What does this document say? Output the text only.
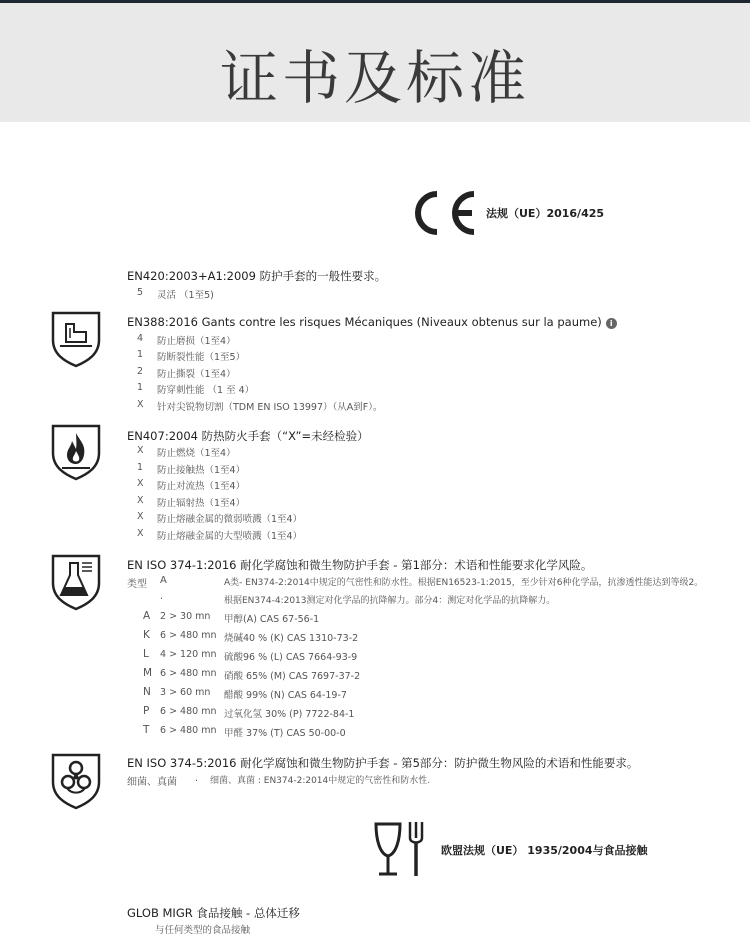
证书及标准
法规（UE）2016/425
EN420:2003+A1:2009 防护手套的一般性要求。
5 灵活 （1至5)
EN388:2016 Gants contre les risques Mécaniques (Niveaux obtenus sur la paume) i
4 防止磨损（1至4）
1 防断裂性能（1至5）
2 防止撕裂（1至4）
1 防穿刺性能 （1 至 4）
X 针对尖锐物切割（TDM EN ISO 13997）（从A到F）。
EN407:2004 防热防火手套（“X”=未经检验）
X 防止燃烧（1至4）
1 防止接触热（1至4）
X 防止对流热（1至4）
X 防止辐射热（1至4）
X 防止熔融金属的微弱喷溅（1至4）
X 防止熔融金属的大型喷溅（1至4）
EN ISO 374-1:2016 耐化学腐蚀和微生物防护手套 - 第1部分：术语和性能要求化学风险。
类型 A
.
A类- EN374-2:2014中规定的气密性和防水性。根据EN16523-1:2015，至少针对6种化学品，抗渗透性能达到等级2。
根据EN374-4:2013测定对化学品的抗降解力。部分4：测定对化学品的抗降解力。
A 2 > 30 mn 甲醇(A) CAS 67-56-1
K 6 > 480 mn 烧碱40 % (K) CAS 1310-73-2
L 4 > 120 mn 硫酸96 % (L) CAS 7664-93-9
M 6 > 480 mn 硝酸 65% (M) CAS 7697-37-2
N 3 > 60 mn 醋酸 99% (N) CAS 64-19-7
P 6 > 480 mn 过氧化氢 30% (P) 7722-84-1
T 6 > 480 mn 甲醛 37% (T) CAS 50-00-0
EN ISO 374-5:2016 耐化学腐蚀和微生物防护手套 - 第5部分：防护微生物风险的术语和性能要求。
细菌、真菌 . 细菌、真菌 : EN374-2:2014中规定的气密性和防水性.
欧盟法规（UE） 1935/2004与食品接触
GLOB MIGR 食品接触 - 总体迁移
与任何类型的食品接触
